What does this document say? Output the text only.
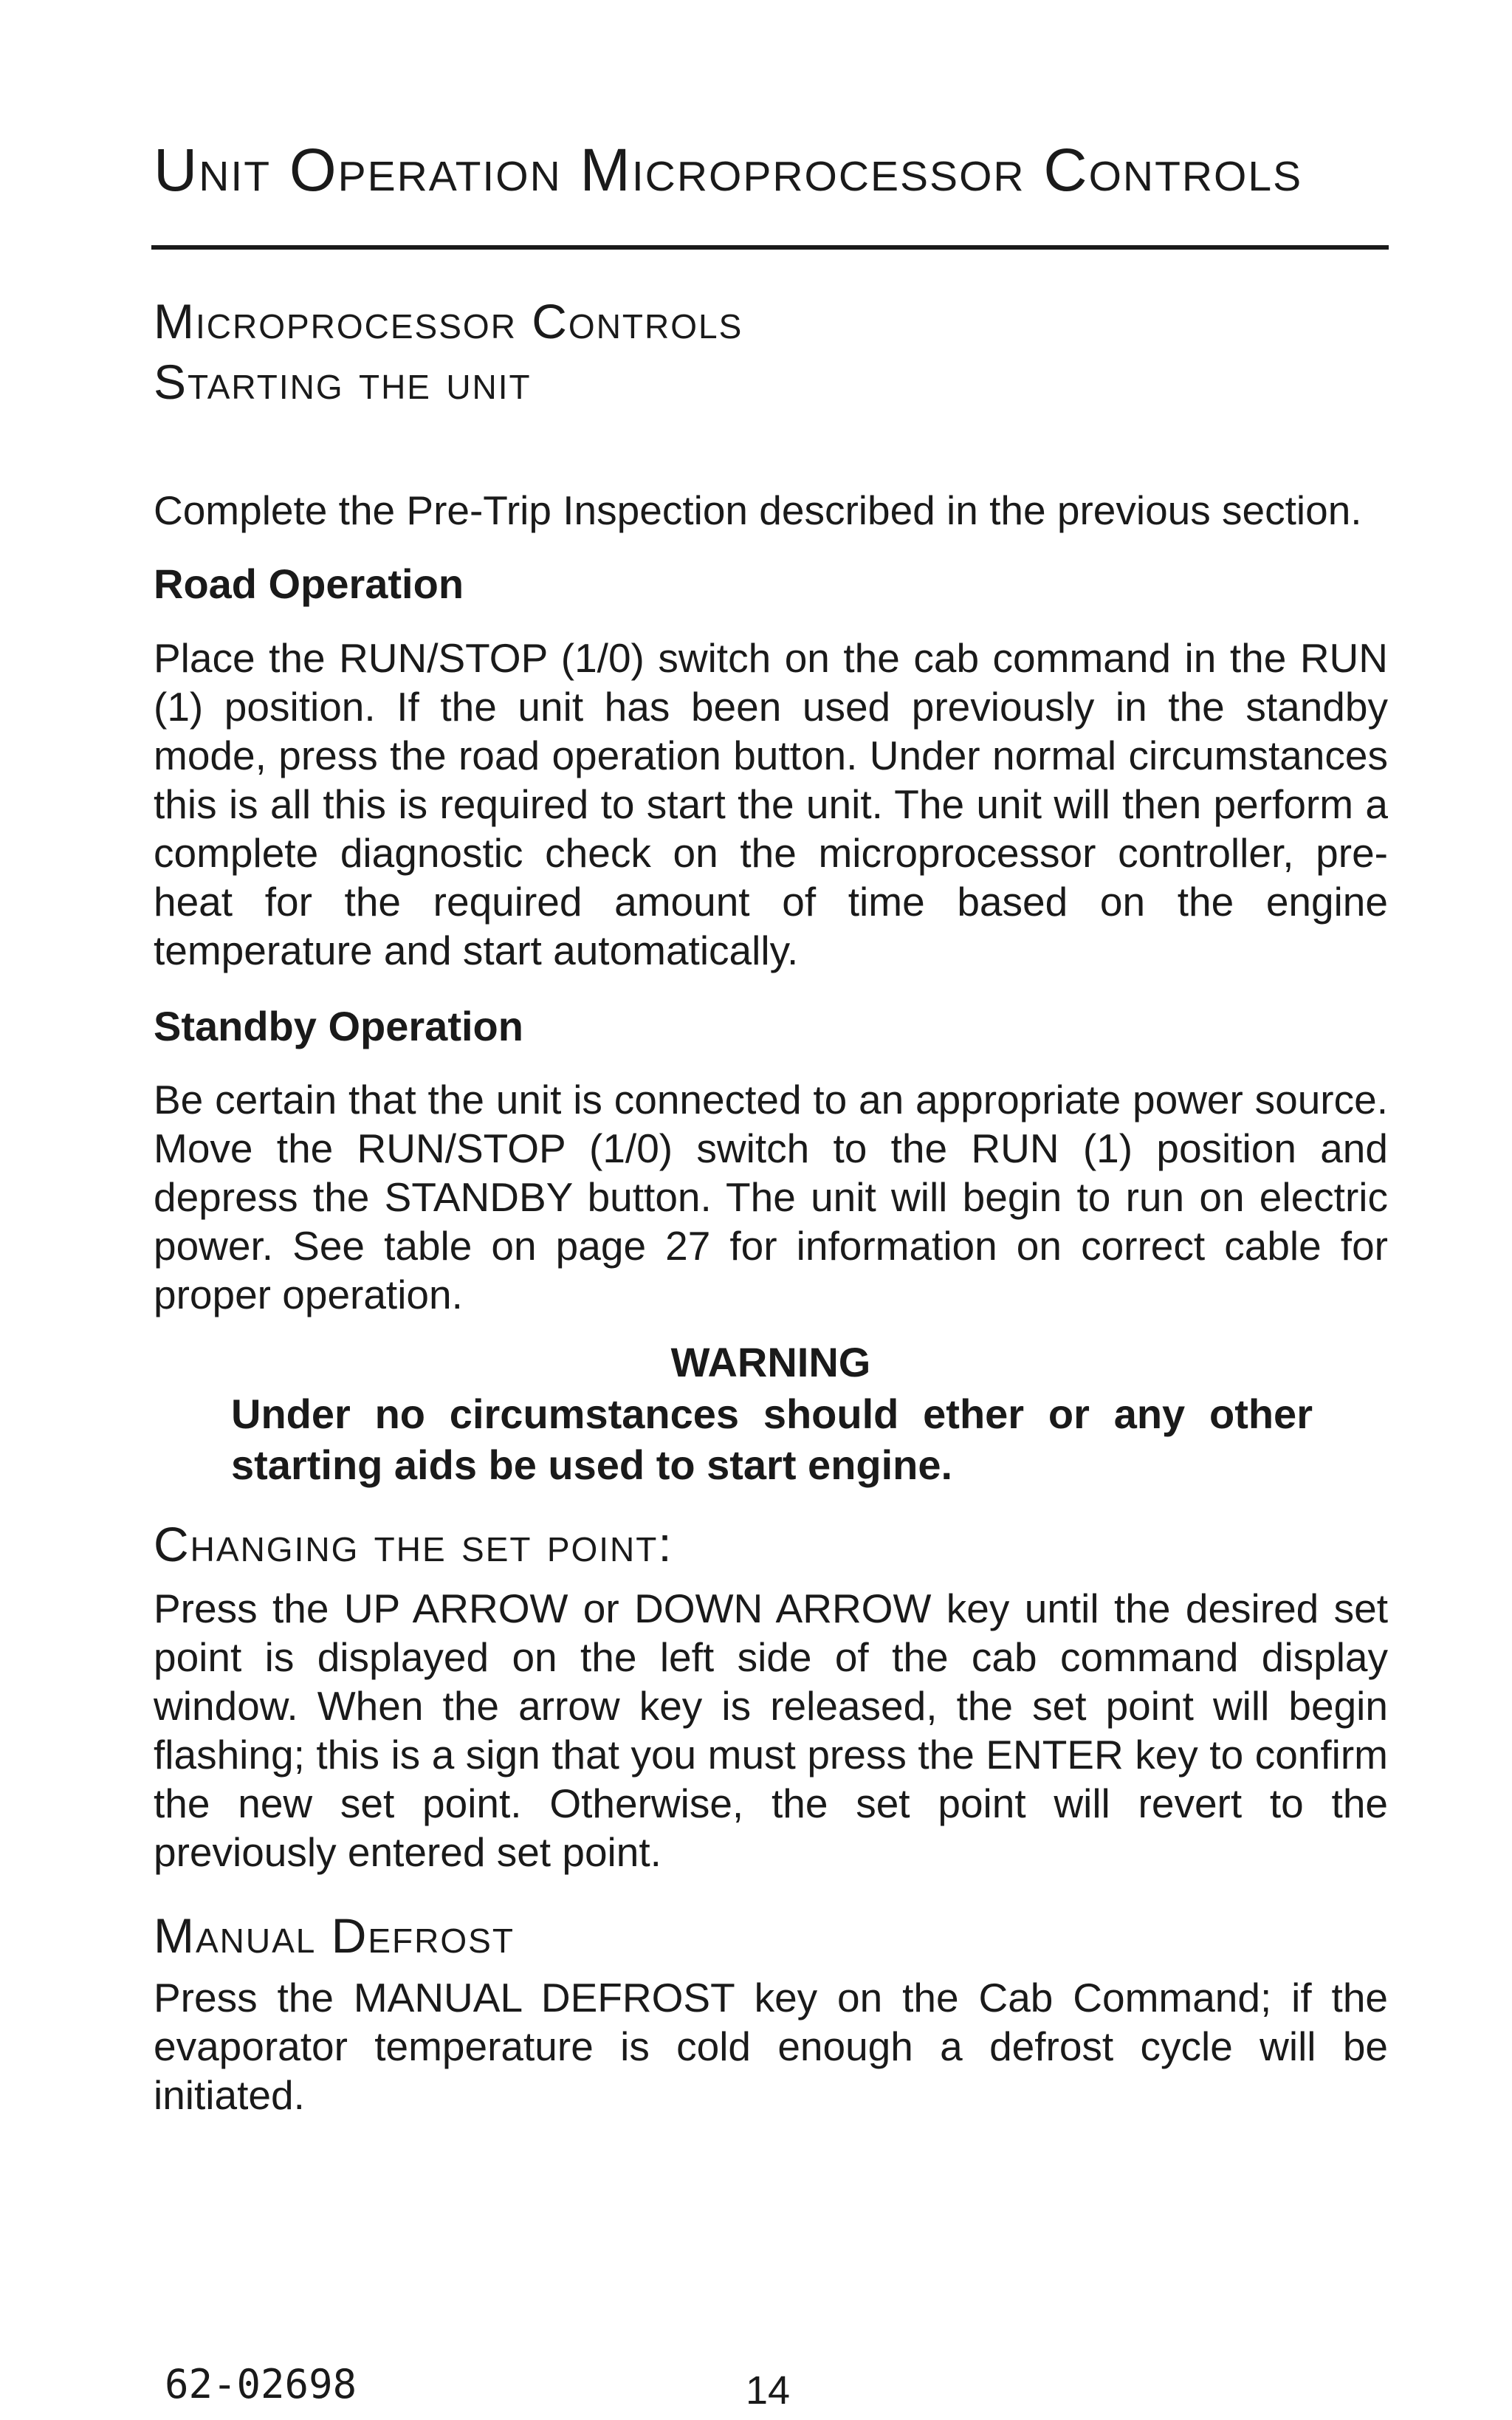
Unit Operation Microprocessor Controls
Microprocessor Controls
Starting the unit

Complete the Pre-Trip Inspection described in the previous section.

Road Operation

Place the RUN/STOP (1/0) switch on the cab command in the RUN (1) position. If the unit has been used previously in the standby mode, press the road operation button. Under normal circumstances this is all this is required to start the unit. The unit will then perform a complete diagnostic check on the microprocessor controller, pre-heat for the required amount of time based on the engine temperature and start automatically.

Standby Operation

Be certain that the unit is connected to an appropriate power source. Move the RUN/STOP (1/0) switch to the RUN (1) position and depress the STANDBY button. The unit will begin to run on electric power. See table on page 27 for information on correct cable for proper operation.

WARNING

Under no circumstances should ether or any other starting aids be used to start engine.

Changing the set point:

Press the UP ARROW or DOWN ARROW key until the desired set point is displayed on the left side of the cab command display window. When the arrow key is released, the set point will begin flashing; this is a sign that you must press the ENTER key to confirm the new set point. Otherwise, the set point will revert to the previously entered set point.

Manual Defrost

Press the MANUAL DEFROST key on the Cab Command; if the evaporator temperature is cold enough a defrost cycle will be initiated.

62-02698	14
